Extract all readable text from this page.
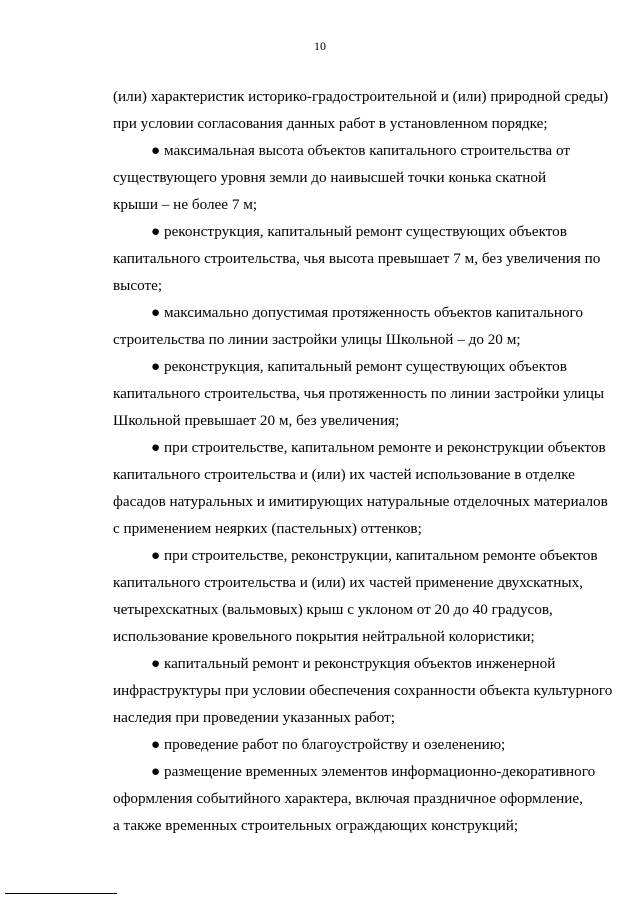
10

(или) характеристик историко-градостроительной и (или) природной среды)
при условии согласования данных работ в установленном порядке;

● максимальная высота объектов капитального строительства от
существующего уровня земли до наивысшей точки конька скатной
крыши – не более 7 м;

● реконструкция, капитальный ремонт существующих объектов
капитального строительства, чья высота превышает 7 м, без увеличения по
высоте;

● максимально допустимая протяженность объектов капитального
строительства по линии застройки улицы Школьной – до 20 м;

● реконструкция, капитальный ремонт существующих объектов
капитального строительства, чья протяженность по линии застройки улицы
Школьной превышает 20 м, без увеличения;

● при строительстве, капитальном ремонте и реконструкции объектов
капитального строительства и (или) их частей использование в отделке
фасадов натуральных и имитирующих натуральные отделочных материалов
с применением неярких (пастельных) оттенков;

● при строительстве, реконструкции, капитальном ремонте объектов
капитального строительства и (или) их частей применение двухскатных,
четырехскатных (вальмовых) крыш с уклоном от 20 до 40 градусов,
использование кровельного покрытия нейтральной колористики;

● капитальный ремонт и реконструкция объектов инженерной
инфраструктуры при условии обеспечения сохранности объекта культурного
наследия при проведении указанных работ;

● проведение работ по благоустройству и озеленению;

● размещение временных элементов информационно-декоративного
оформления событийного характера, включая праздничное оформление,
а также временных строительных ограждающих конструкций;
